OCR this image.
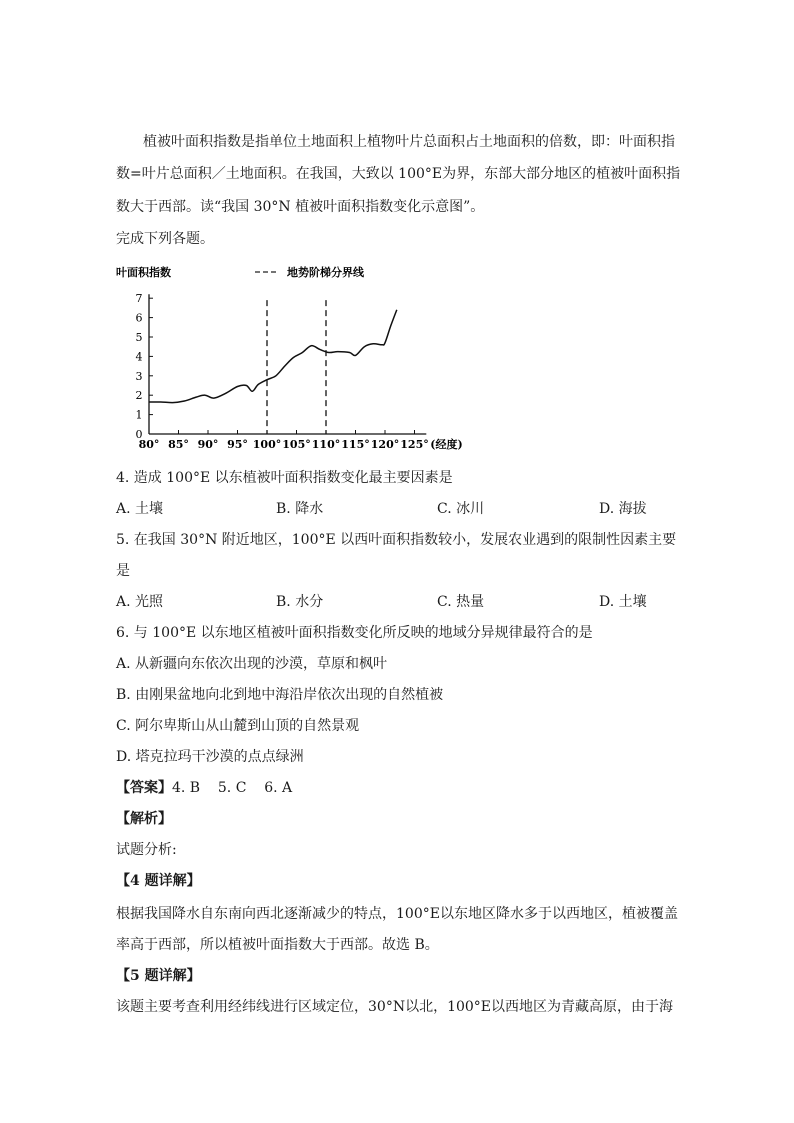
植被叶面积指数是指单位土地面积上植物叶片总面积占土地面积的倍数，即：叶面积指
数=叶片总面积／土地面积。在我国，大致以 100°E为界，东部大部分地区的植被叶面积指
数大于西部。读“我国 30°N 植被叶面积指数变化示意图”。
完成下列各题。
叶面积指数	地势阶梯分界线
0
1
2
3
4
5
6
7
80° 85° 90° 95° 100° 105° 110° 115° 120° 125° (经度)
4. 造成 100°E 以东植被叶面积指数变化最主要因素是
A. 土壤	B. 降水	C. 冰川	D. 海拔
5. 在我国 30°N 附近地区，100°E 以西叶面积指数较小，发展农业遇到的限制性因素主要
是
A. 光照	B. 水分	C. 热量	D. 土壤
6. 与 100°E 以东地区植被叶面积指数变化所反映的地域分异规律最符合的是
A. 从新疆向东依次出现的沙漠，草原和枫叶
B. 由刚果盆地向北到地中海沿岸依次出现的自然植被
C. 阿尔卑斯山从山麓到山顶的自然景观
D. 塔克拉玛干沙漠的点点绿洲
【答案】4. B    5. C    6. A
【解析】
试题分析:
【4 题详解】
根据我国降水自东南向西北逐渐减少的特点，100°E以东地区降水多于以西地区，植被覆盖
率高于西部，所以植被叶面指数大于西部。故选 B。
【5 题详解】
该题主要考查利用经纬线进行区域定位，30°N以北，100°E以西地区为青藏高原，由于海
